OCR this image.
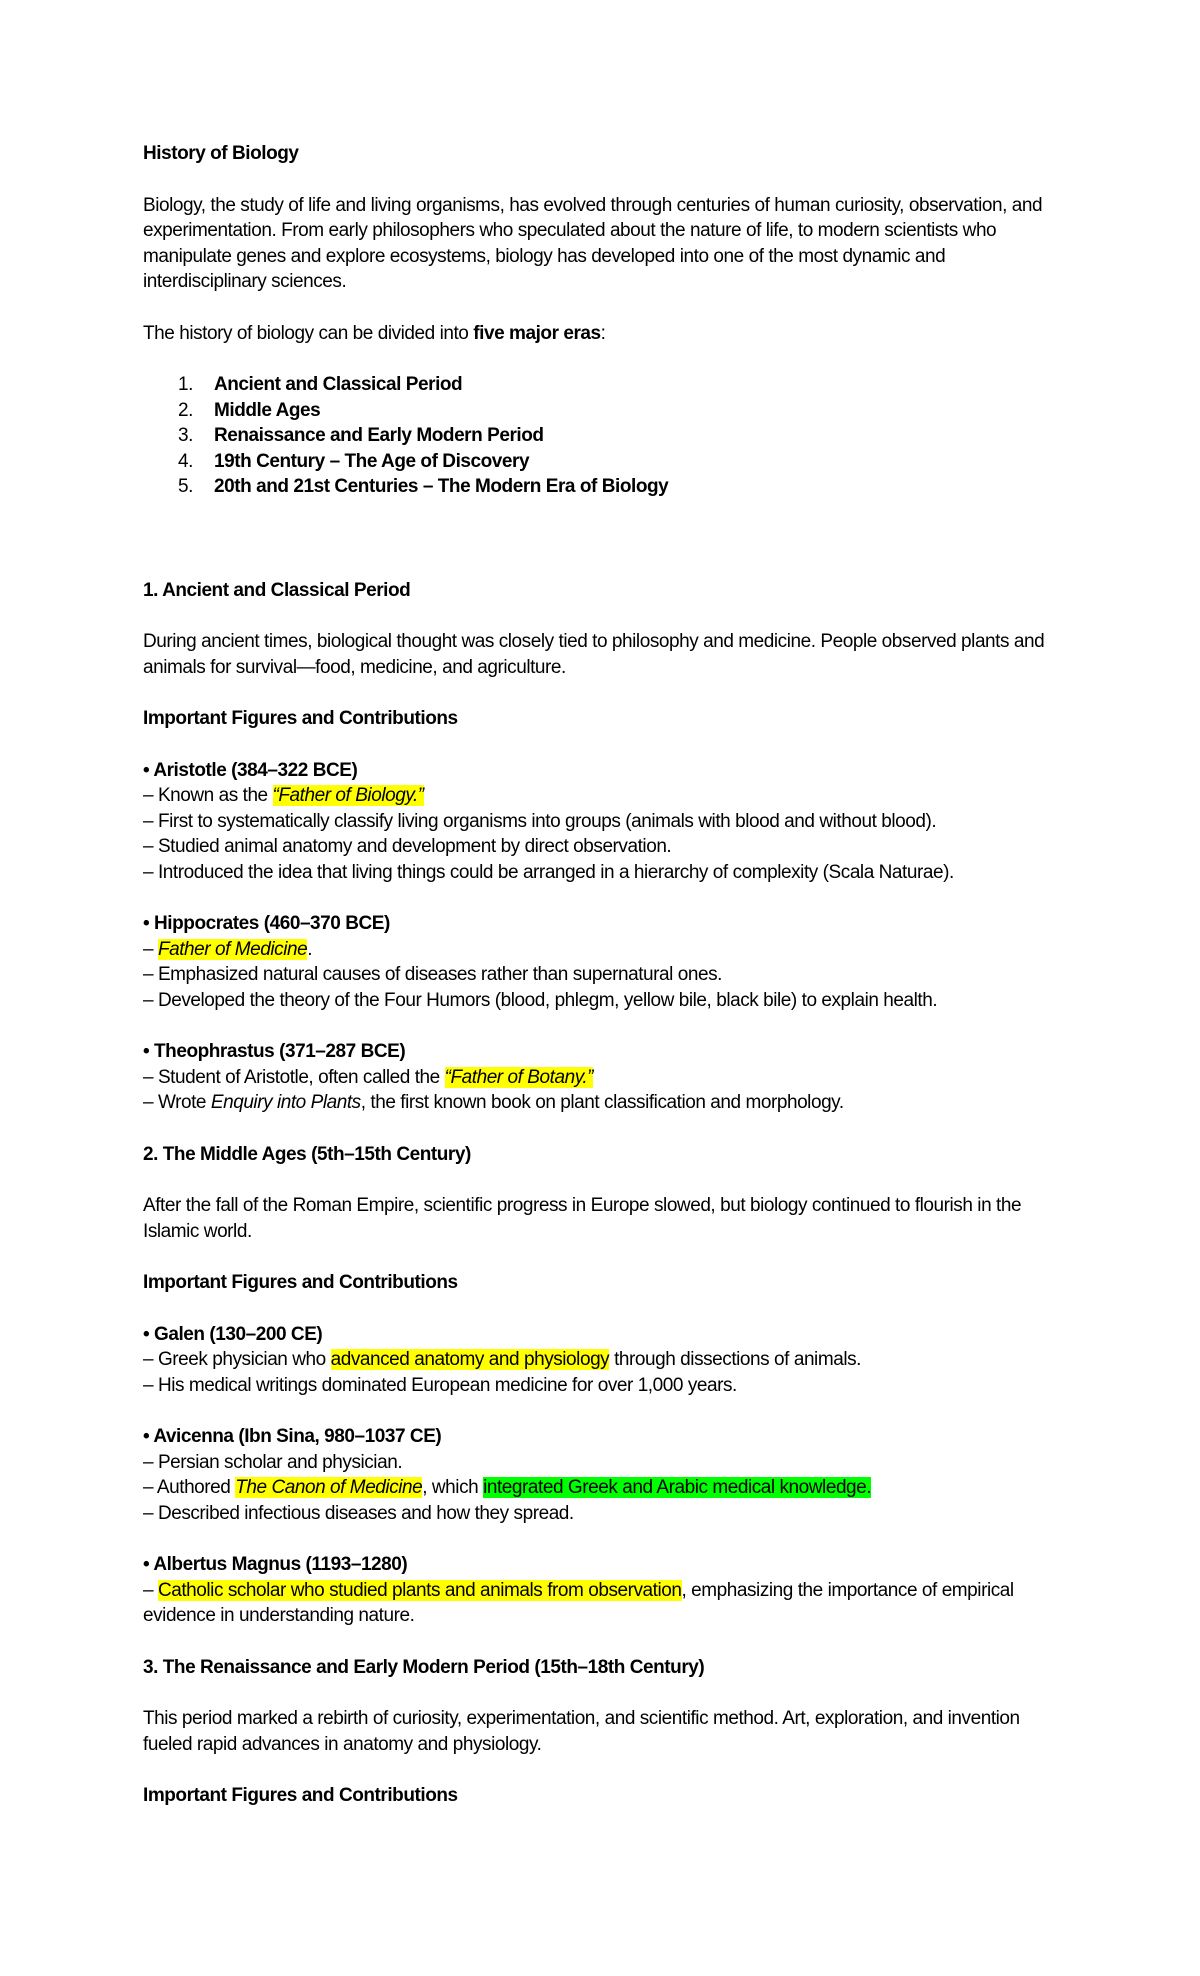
History of Biology

Biology, the study of life and living organisms, has evolved through centuries of human curiosity, observation, and experimentation. From early philosophers who speculated about the nature of life, to modern scientists who manipulate genes and explore ecosystems, biology has developed into one of the most dynamic and interdisciplinary sciences.

The history of biology can be divided into five major eras:

1. Ancient and Classical Period
2. Middle Ages
3. Renaissance and Early Modern Period
4. 19th Century – The Age of Discovery
5. 20th and 21st Centuries – The Modern Era of Biology

1. Ancient and Classical Period

During ancient times, biological thought was closely tied to philosophy and medicine. People observed plants and animals for survival—food, medicine, and agriculture.

Important Figures and Contributions

• Aristotle (384–322 BCE)

– Known as the “Father of Biology.”

– First to systematically classify living organisms into groups (animals with blood and without blood).

– Studied animal anatomy and development by direct observation.

– Introduced the idea that living things could be arranged in a hierarchy of complexity (Scala Naturae).

• Hippocrates (460–370 BCE)

– Father of Medicine.

– Emphasized natural causes of diseases rather than supernatural ones.

– Developed the theory of the Four Humors (blood, phlegm, yellow bile, black bile) to explain health.

• Theophrastus (371–287 BCE)

– Student of Aristotle, often called the “Father of Botany.”

– Wrote Enquiry into Plants, the first known book on plant classification and morphology.

2. The Middle Ages (5th–15th Century)

After the fall of the Roman Empire, scientific progress in Europe slowed, but biology continued to flourish in the Islamic world.

Important Figures and Contributions

• Galen (130–200 CE)

– Greek physician who advanced anatomy and physiology through dissections of animals.

– His medical writings dominated European medicine for over 1,000 years.

• Avicenna (Ibn Sina, 980–1037 CE)

– Persian scholar and physician.

– Authored The Canon of Medicine, which integrated Greek and Arabic medical knowledge.

– Described infectious diseases and how they spread.

• Albertus Magnus (1193–1280)

– Catholic scholar who studied plants and animals from observation, emphasizing the importance of empirical evidence in understanding nature.

3. The Renaissance and Early Modern Period (15th–18th Century)

This period marked a rebirth of curiosity, experimentation, and scientific method. Art, exploration, and invention fueled rapid advances in anatomy and physiology.

Important Figures and Contributions
